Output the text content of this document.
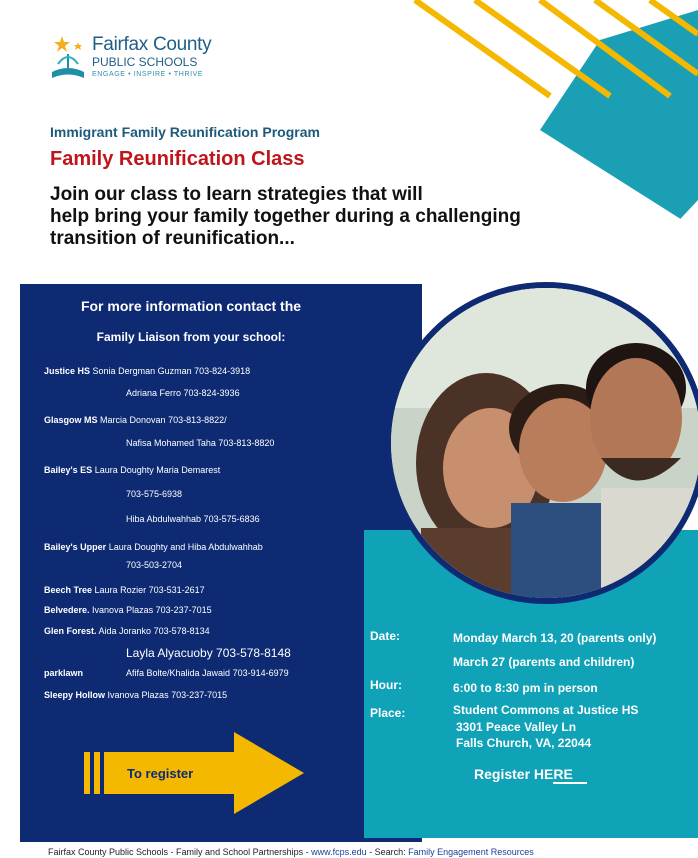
Fairfax County
PUBLIC SCHOOLS
ENGAGE • INSPIRE • THRIVE
Immigrant Family Reunification Program
Family Reunification Class
Join our class to learn strategies that will
help bring your family together during a challenging
transition of reunification...
For more information contact the
Family Liaison from your school:
Justice HS Sonia Dergman Guzman 703-824-3918
Adriana Ferro 703-824-3936
Glasgow MS Marcia Donovan 703-813-8822/
Nafisa Mohamed Taha 703-813-8820
Bailey's ES Laura Doughty Maria Demarest
703-575-6938
Hiba Abdulwahhab 703-575-6836
Bailey's Upper Laura Doughty and Hiba Abdulwahhab
703-503-2704
Beech Tree Laura Rozier 703-531-2617
Belvedere. Ivanova Plazas 703-237-7015
Glen Forest. Aida Joranko 703-578-8134
Layla Alyacuoby 703-578-8148
parklawn	Afifa Bolte/Khalida Jawaid 703-914-6979
Sleepy Hollow Ivanova Plazas 703-237-7015
To register
Date:	Monday March 13, 20 (parents only)
March 27 (parents and children)
Hour:	6:00 to 8:30 pm in person
Place:	Student Commons at Justice HS
3301 Peace Valley Ln
Falls Church, VA, 22044
Register HERE
Fairfax County Public Schools - Family and School Partnerships - www.fcps.edu - Search: Family Engagement Resources
